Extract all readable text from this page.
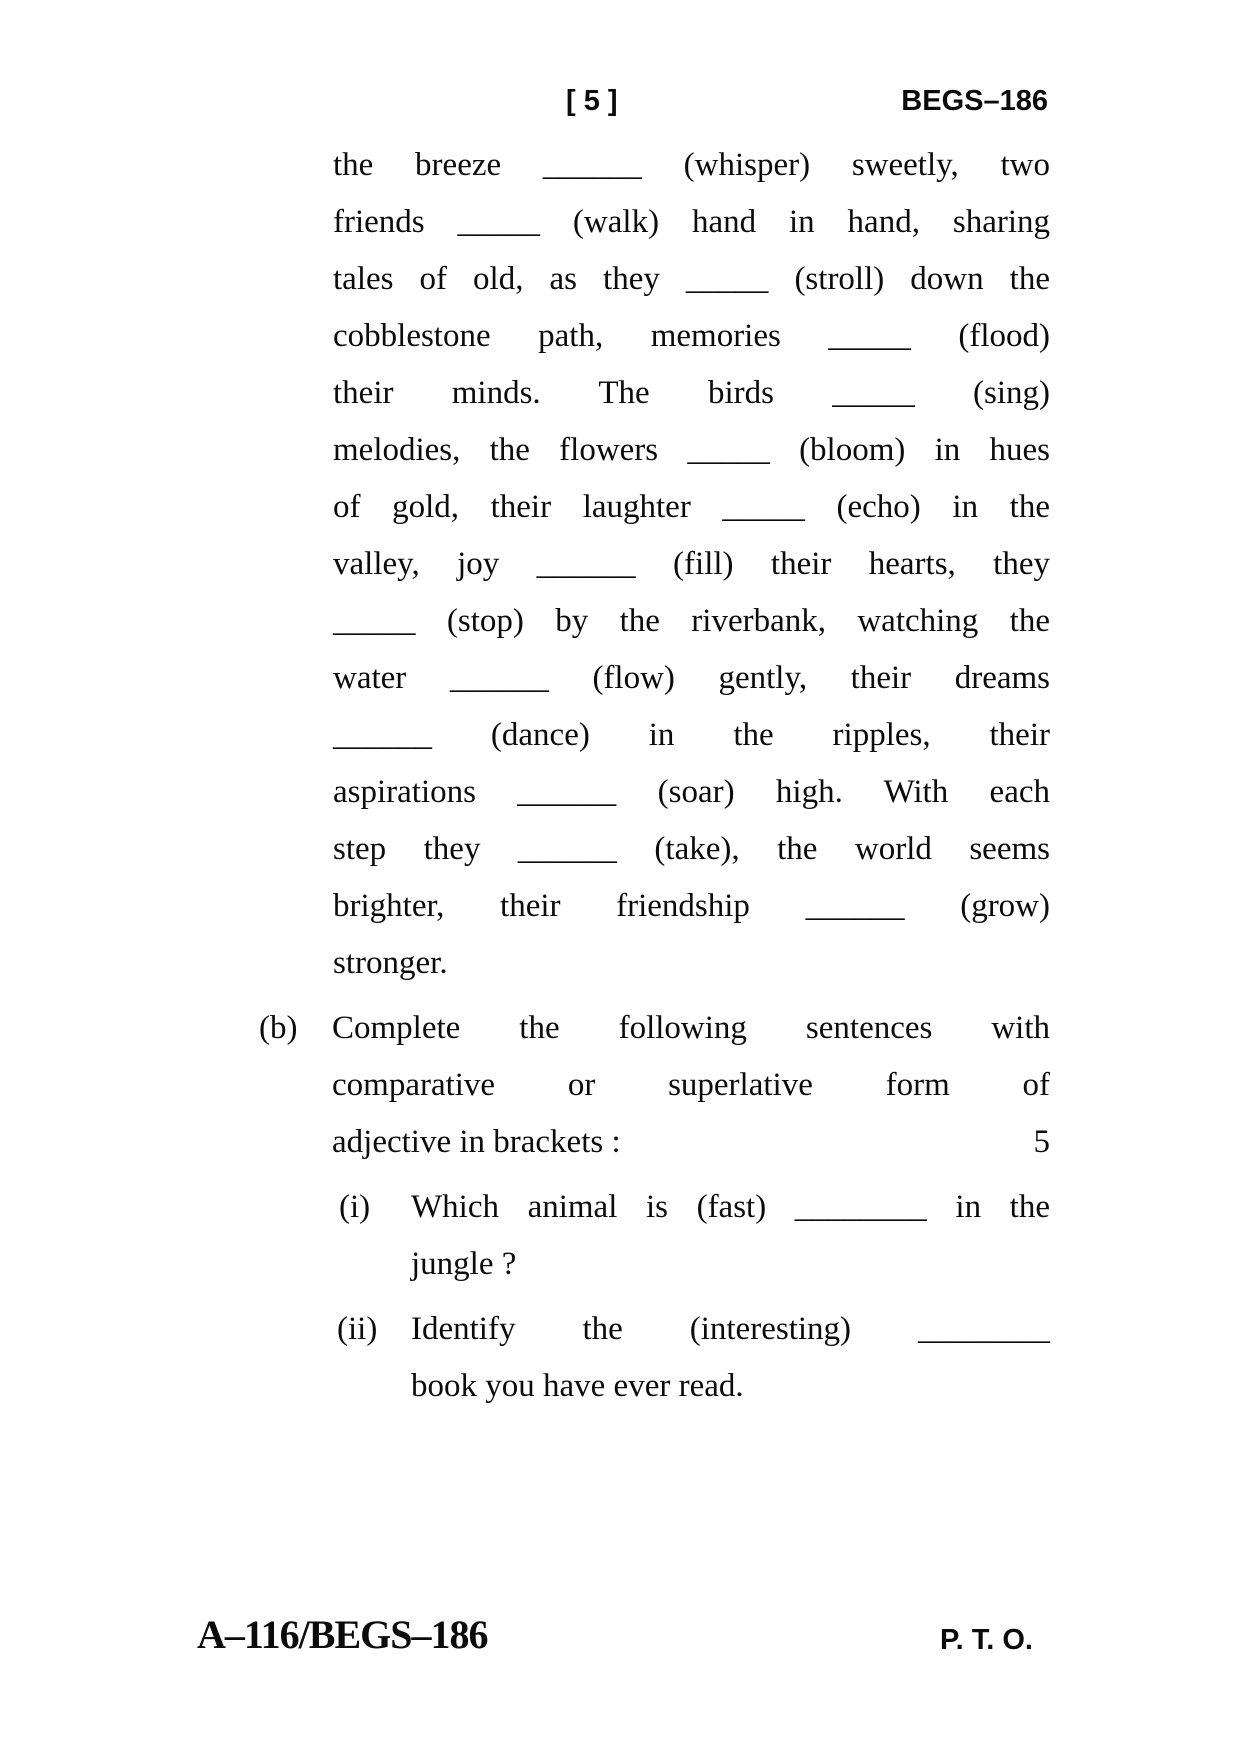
[ 5 ]	BEGS–186
the breeze ______ (whisper) sweetly, two
friends _____ (walk) hand in hand, sharing
tales of old, as they _____ (stroll) down the
cobblestone path, memories _____ (flood)
their minds. The birds _____ (sing)
melodies, the flowers _____ (bloom) in hues
of gold, their laughter _____ (echo) in the
valley, joy ______ (fill) their hearts, they
_____ (stop) by the riverbank, watching the
water ______ (flow) gently, their dreams
______ (dance) in the ripples, their
aspirations ______ (soar) high. With each
step they ______ (take), the world seems
brighter, their friendship ______ (grow)
stronger.
(b) Complete the following sentences with
comparative or superlative form of
adjective in brackets :	5
(i) Which animal is (fast) ________ in the
jungle ?
(ii) Identify the (interesting) ________
book you have ever read.
A–116/BEGS–186	P. T. O.
